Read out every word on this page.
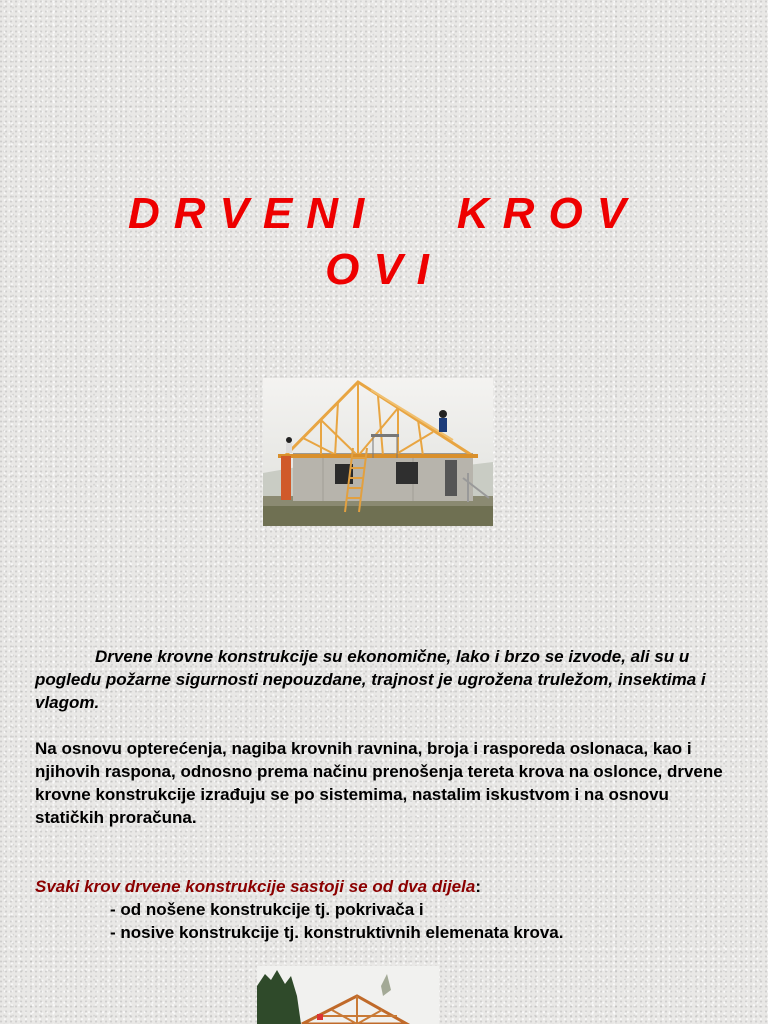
DRVENI   KROV
OVI

Drvene krovne konstrukcije su ekonomične, lako i brzo se izvode, ali su u pogledu požarne sigurnosti nepouzdane, trajnost je ugrožena truležom, insektima i vlagom.

Na osnovu opterećenja, nagiba krovnih ravnina, broja i rasporeda oslonaca, kao i njihovih raspona, odnosno prema načinu prenošenja tereta krova na oslonce, drvene krovne konstrukcije izrađuju se po sistemima, nastalim iskustvom i na osnovu statičkih proračuna.

Svaki krov drvene konstrukcije sastoji se od dva dijela:
- od nošene konstrukcije tj. pokrivača i
- nosive konstrukcije tj. konstruktivnih elemenata krova.
